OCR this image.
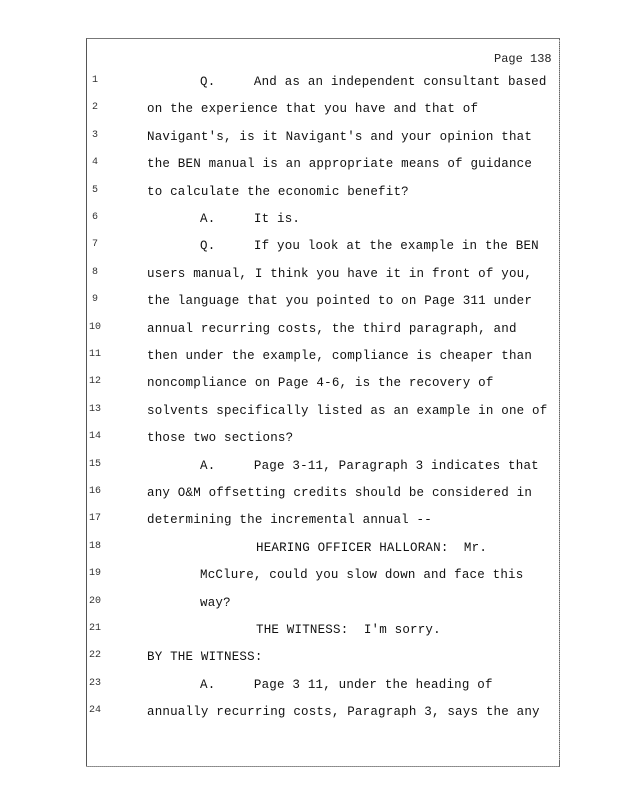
Page 138
1	Q.     And as an independent consultant based
2	on the experience that you have and that of
3	Navigant's, is it Navigant's and your opinion that
4	the BEN manual is an appropriate means of guidance
5	to calculate the economic benefit?
6	A.     It is.
7	Q.     If you look at the example in the BEN
8	users manual, I think you have it in front of you,
9	the language that you pointed to on Page 311 under
10	annual recurring costs, the third paragraph, and
11	then under the example, compliance is cheaper than
12	noncompliance on Page 4-6, is the recovery of
13	solvents specifically listed as an example in one of
14	those two sections?
15	A.     Page 3-11, Paragraph 3 indicates that
16	any O&M offsetting credits should be considered in
17	determining the incremental annual --
18	HEARING OFFICER HALLORAN:  Mr.
19	McClure, could you slow down and face this
20	way?
21	THE WITNESS:  I'm sorry.
22	BY THE WITNESS:
23	A.     Page 3 11, under the heading of
24	annually recurring costs, Paragraph 3, says the any
